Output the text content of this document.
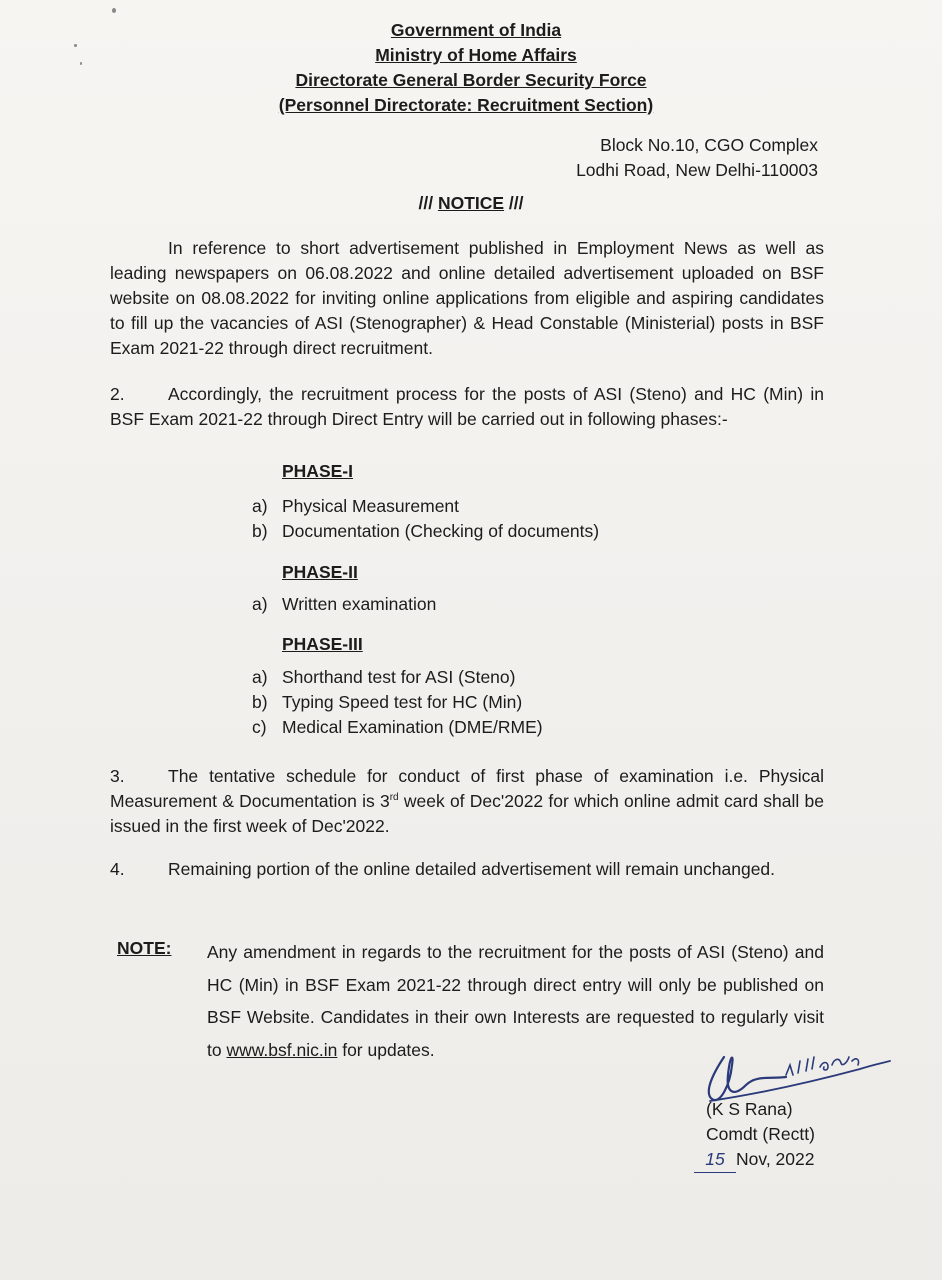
Government of India
Ministry of Home Affairs
Directorate General Border Security Force
(Personnel Directorate: Recruitment Section)
Block No.10, CGO Complex
Lodhi Road, New Delhi-110003
/// NOTICE ///
In reference to short advertisement published in Employment News as well as leading newspapers on 06.08.2022 and online detailed advertisement uploaded on BSF website on 08.08.2022 for inviting online applications from eligible and aspiring candidates to fill up the vacancies of ASI (Stenographer) & Head Constable (Ministerial) posts in BSF Exam 2021-22 through direct recruitment.
2. Accordingly, the recruitment process for the posts of ASI (Steno) and HC (Min) in BSF Exam 2021-22 through Direct Entry will be carried out in following phases:-
PHASE-I
a) Physical Measurement
b) Documentation (Checking of documents)
PHASE-II
a) Written examination
PHASE-III
a) Shorthand test for ASI (Steno)
b) Typing Speed test for HC (Min)
c) Medical Examination (DME/RME)
3. The tentative schedule for conduct of first phase of examination i.e. Physical Measurement & Documentation is 3rd week of Dec'2022 for which online admit card shall be issued in the first week of Dec'2022.
4. Remaining portion of the online detailed advertisement will remain unchanged.
NOTE: Any amendment in regards to the recruitment for the posts of ASI (Steno) and HC (Min) in BSF Exam 2021-22 through direct entry will only be published on BSF Website. Candidates in their own Interests are requested to regularly visit to www.bsf.nic.in for updates.
(K S Rana)
Comdt (Rectt)
15 Nov, 2022
